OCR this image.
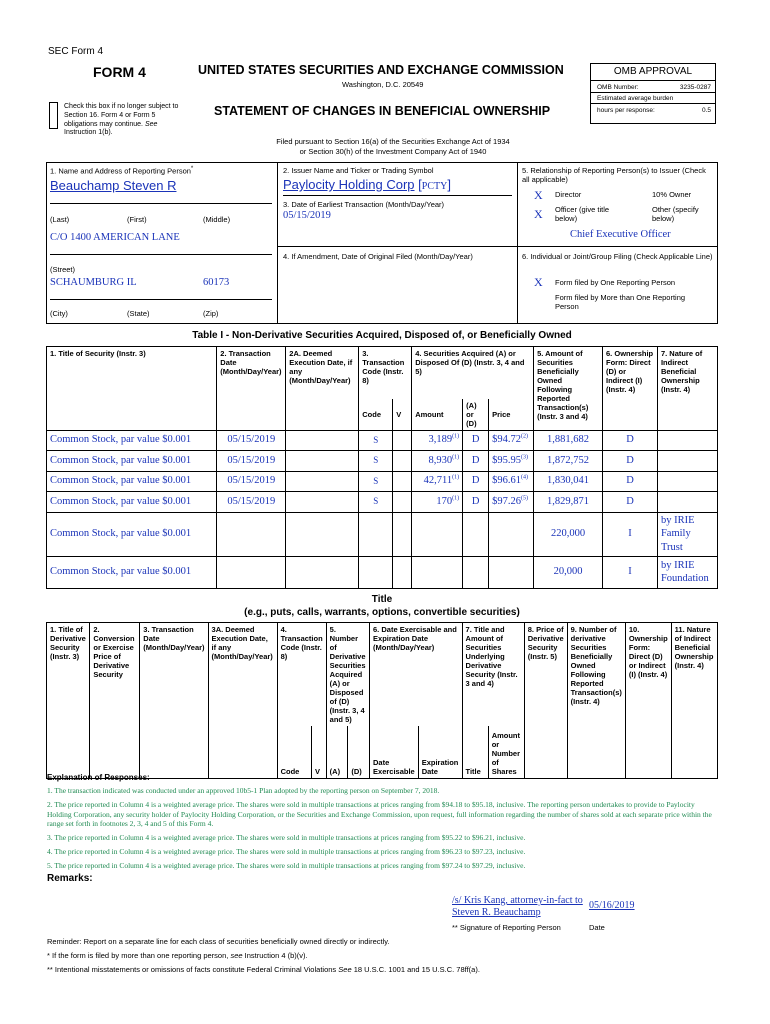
SEC Form 4
FORM 4	UNITED STATES SECURITIES AND EXCHANGE COMMISSION
Washington, D.C. 20549
STATEMENT OF CHANGES IN BENEFICIAL OWNERSHIP
Check this box if no longer subject to Section 16. Form 4 or Form 5 obligations may continue. See Instruction 1(b).
Filed pursuant to Section 16(a) of the Securities Exchange Act of 1934
or Section 30(h) of the Investment Company Act of 1940
OMB APPROVAL
OMB Number:	3235-0287
Estimated average burden
hours per response:	0.5
1. Name and Address of Reporting Person*
Beauchamp Steven R
(Last)	(First)	(Middle)
C/O 1400 AMERICAN LANE
(Street)
SCHAUMBURG IL	60173
(City)	(State)	(Zip)
2. Issuer Name and Ticker or Trading Symbol
Paylocity Holding Corp [PCTY]
3. Date of Earliest Transaction (Month/Day/Year)
05/15/2019
4. If Amendment, Date of Original Filed (Month/Day/Year)
5. Relationship of Reporting Person(s) to Issuer (Check all applicable)
X Director	10% Owner
X Officer (give title below)
Other (specify below)
Chief Executive Officer
6. Individual or Joint/Group Filing (Check Applicable Line)
X Form filed by One Reporting Person
Form filed by More than One Reporting Person
Table I - Non-Derivative Securities Acquired, Disposed of, or Beneficially Owned
1. Title of Security (Instr. 3)	2. Transaction Date (Month/Day/Year)	2A. Deemed Execution Date, if any (Month/Day/Year)	3. Transaction Code (Instr. 8)		4. Securities Acquired (A) or Disposed Of (D) (Instr. 3, 4 and 5)			5. Amount of Securities Beneficially Owned Following Reported Transaction(s) (Instr. 3 and 4)	6. Ownership Form: Direct (D) or Indirect (I) (Instr. 4)	7. Nature of Indirect Beneficial Ownership (Instr. 4)
			Code	V	Amount	(A) or (D)	Price			
Common Stock, par value $0.001	05/15/2019		S		3,189$^{(1)}$	D	$94.72$^{(2)}$	1,881,682	D	
Common Stock, par value $0.001	05/15/2019		S		8,930$^{(1)}$	D	$95.95$^{(3)}$	1,872,752	D	
Common Stock, par value $0.001	05/15/2019		S		42,711$^{(1)}$	D	$96.61$^{(4)}$	1,830,041	D	
Common Stock, par value $0.001	05/15/2019		S		170$^{(1)}$	D	$97.26$^{(5)}$	1,829,871	D	
Common Stock, par value $0.001								220,000	I	by IRIE Family Trust
Common Stock, par value $0.001								20,000	I	by IRIE Foundation
Title
(e.g., puts, calls, warrants, options, convertible securities)
1. Title of Derivative Security (Instr. 3)	2. Conversion or Exercise Price of Derivative Security	3. Transaction Date (Month/Day/Year)	3A. Deemed Execution Date, if any (Month/Day/Year)	4. Transaction Code (Instr. 8)		5. Number of Derivative Securities Acquired (A) or Disposed of (D) (Instr. 3, 4 and 5)		6. Date Exercisable and Expiration Date (Month/Day/Year)		7. Title and Amount of Securities Underlying Derivative Security (Instr. 3 and 4)		8. Price of Derivative Security (Instr. 5)	9. Number of derivative Securities Beneficially Owned Following Reported Transaction(s) (Instr. 4)	10. Ownership Form: Direct (D) or Indirect (I) (Instr. 4)	11. Nature of Indirect Beneficial Ownership (Instr. 4)
				Code	V	(A)	(D)	Date Exercisable	Expiration Date	Title	Amount or Number of Shares				
Explanation of Responses:
1. The transaction indicated was conducted under an approved 10b5-1 Plan adopted by the reporting person on September 7, 2018.
2. The price reported in Column 4 is a weighted average price. The shares were sold in multiple transactions at prices ranging from $94.18 to $95.18, inclusive. The reporting person undertakes to provide to Paylocity Holding Corporation, any security holder of Paylocity Holding Corporation, or the Securities and Exchange Commission, upon request, full information regarding the number of shares sold at each separate price within the range set forth in footnotes 2, 3, 4 and 5 of this Form 4.
3. The price reported in Column 4 is a weighted average price. The shares were sold in multiple transactions at prices ranging from $95.22 to $96.21, inclusive.
4. The price reported in Column 4 is a weighted average price. The shares were sold in multiple transactions at prices ranging from $96.23 to $97.23, inclusive.
5. The price reported in Column 4 is a weighted average price. The shares were sold in multiple transactions at prices ranging from $97.24 to $97.29, inclusive.
Remarks:
/s/ Kris Kang, attorney-in-fact to Steven R. Beauchamp
05/16/2019
** Signature of Reporting Person	Date
Reminder: Report on a separate line for each class of securities beneficially owned directly or indirectly.
* If the form is filed by more than one reporting person, see Instruction 4 (b)(v).
** Intentional misstatements or omissions of facts constitute Federal Criminal Violations See 18 U.S.C. 1001 and 15 U.S.C. 78ff(a).
